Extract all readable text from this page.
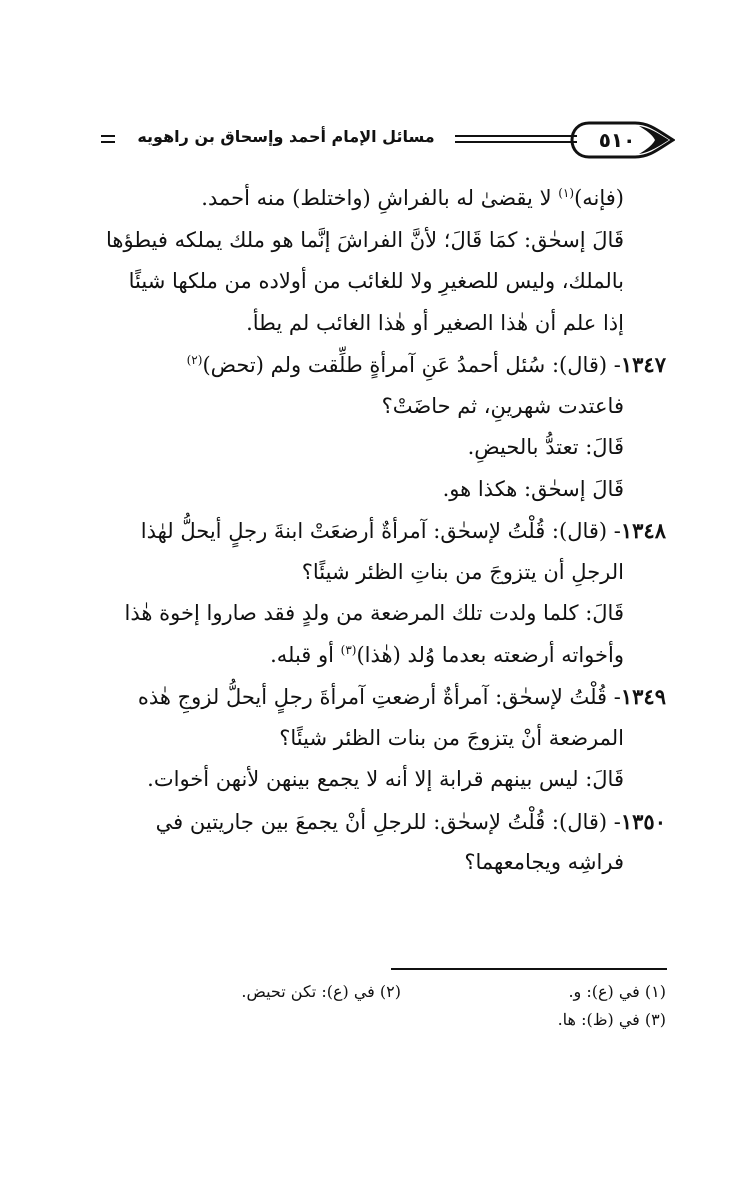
٥١٠
مسائل الإمام أحمد وإسحاق بن راهويه
(فإنه)$^{(١)}$ لا يقضىٰ له بالفراشِ (واختلط) منه أحمد.
قَالَ إسحٰق: كمَا قَالَ؛ لأنَّ الفراشَ إنَّما هو ملك يملكه فيطؤها
بالملك، وليس للصغيرِ ولا للغائب من أولاده من ملكها شيئًا
إذا علم أن هٰذا الصغير أو هٰذا الغائب لم يطأ.
١٣٤٧- (قال): سُئل أحمدُ عَنِ آمرأةٍ طلِّقت ولم (تحض)$^{(٢)}$
فاعتدت شهرينِ، ثم حاضَتْ؟
قَالَ: تعتدُّ بالحيضِ.
قَالَ إسحٰق: هكذا هو.
١٣٤٨- (قال): قُلْتُ لإسحٰق: آمرأةٌ أرضعَتْ ابنةَ رجلٍ أيحلُّ لهٰذا
الرجلِ أن يتزوجَ من بناتِ الظئر شيئًا؟
قَالَ: كلما ولدت تلك المرضعة من ولدٍ فقد صاروا إخوة هٰذا
وأخواته أرضعته بعدما وُلد (هٰذا)$^{(٣)}$ أو قبله.
١٣٤٩- قُلْتُ لإسحٰق: آمرأةٌ أرضعتِ آمرأةَ رجلٍ أيحلُّ لزوجِ هٰذه
المرضعة أنْ يتزوجَ من بنات الظئر شيئًا؟
قَالَ: ليس بينهم قرابة إلا أنه لا يجمع بينهن لأنهن أخوات.
١٣٥٠- (قال): قُلْتُ لإسحٰق: للرجلِ أنْ يجمعَ بين جاريتين في
فراشِه ويجامعهما؟
(١) في (ع): و.
(٢) في (ع): تكن تحيض.
(٣) في (ظ): ها.
